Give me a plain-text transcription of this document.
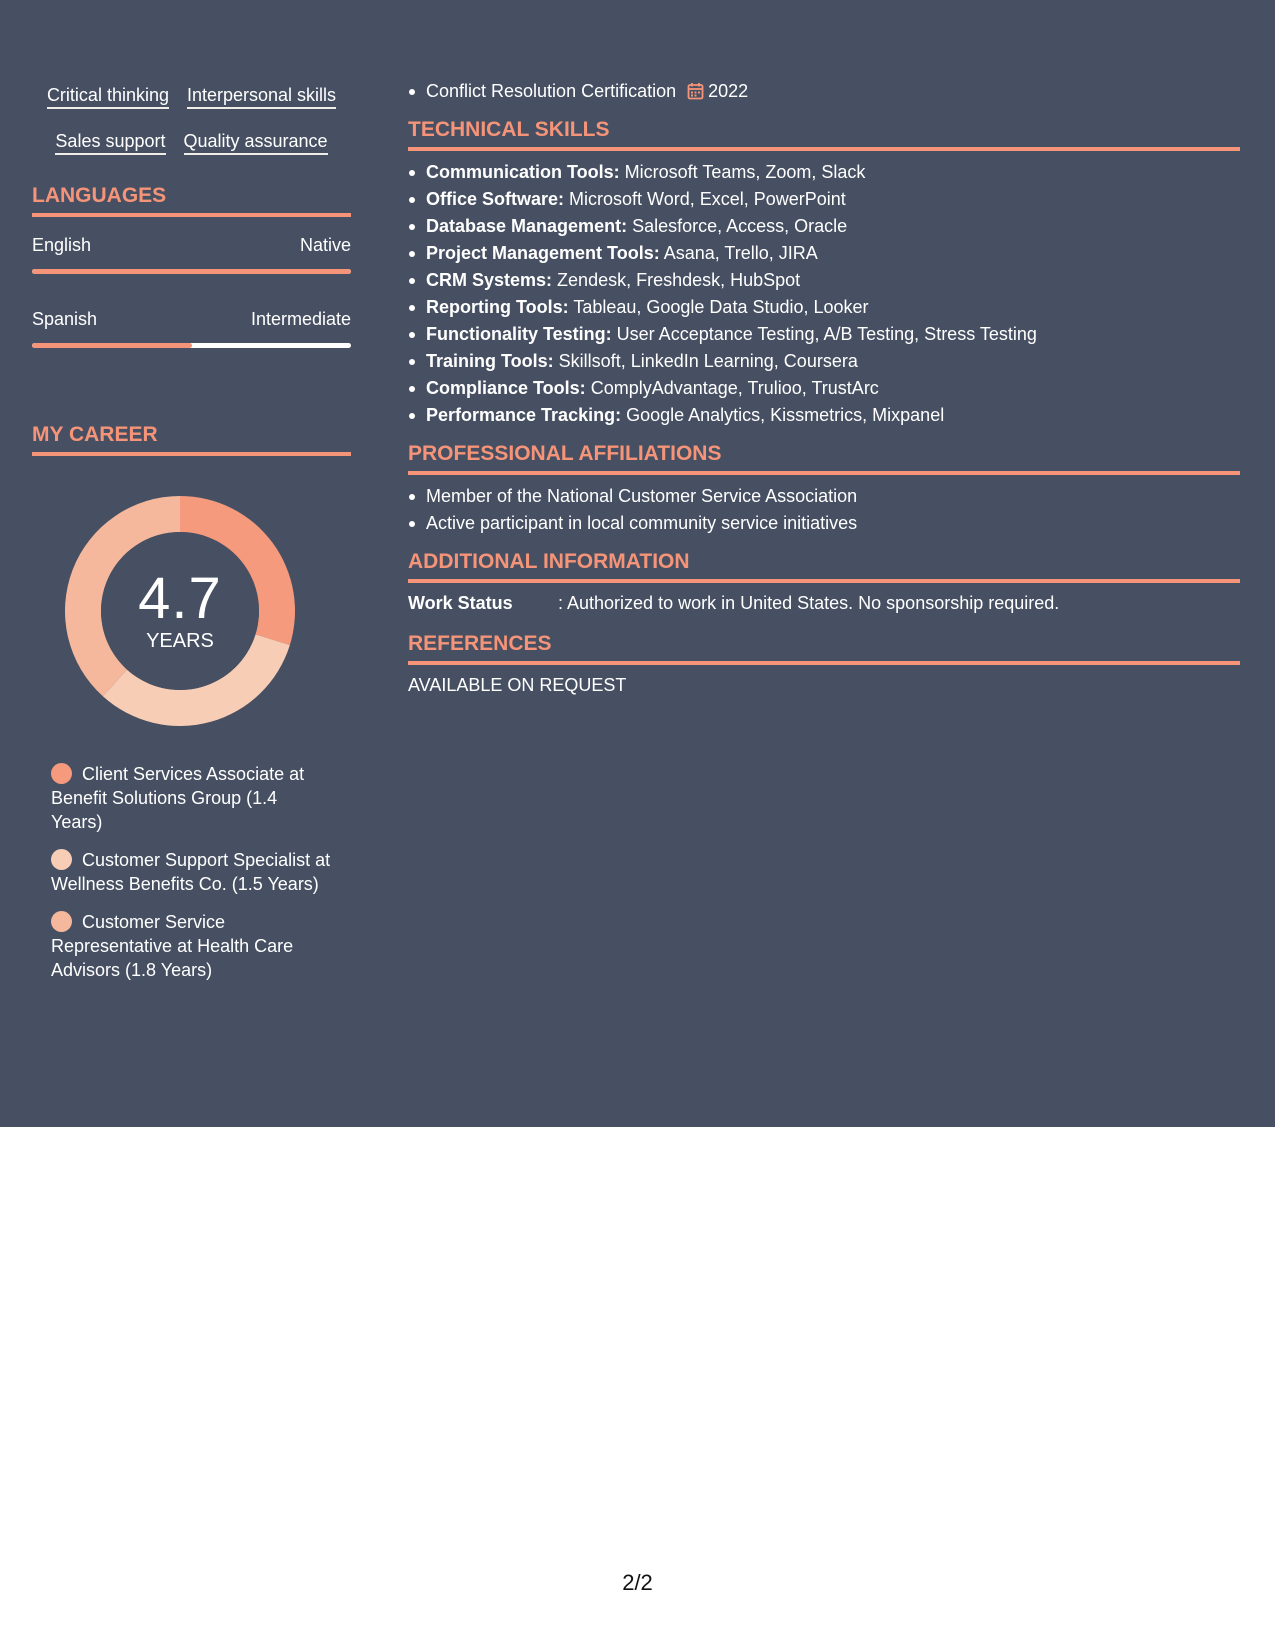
Critical thinking Interpersonal skills
Sales support Quality assurance
LANGUAGES
English	Native
Spanish	Intermediate
MY CAREER
4.7
YEARS
Client Services Associate at Benefit Solutions Group (1.4 Years)
Customer Support Specialist at Wellness Benefits Co. (1.5 Years)
Customer Service Representative at Health Care Advisors (1.8 Years)
Conflict Resolution Certification 2022
TECHNICAL SKILLS
Communication Tools: Microsoft Teams, Zoom, Slack
Office Software: Microsoft Word, Excel, PowerPoint
Database Management: Salesforce, Access, Oracle
Project Management Tools: Asana, Trello, JIRA
CRM Systems: Zendesk, Freshdesk, HubSpot
Reporting Tools: Tableau, Google Data Studio, Looker
Functionality Testing: User Acceptance Testing, A/B Testing, Stress Testing
Training Tools: Skillsoft, LinkedIn Learning, Coursera
Compliance Tools: ComplyAdvantage, Trulioo, TrustArc
Performance Tracking: Google Analytics, Kissmetrics, Mixpanel
PROFESSIONAL AFFILIATIONS
Member of the National Customer Service Association
Active participant in local community service initiatives
ADDITIONAL INFORMATION
Work Status	: Authorized to work in United States. No sponsorship required.
REFERENCES
AVAILABLE ON REQUEST
2/2
